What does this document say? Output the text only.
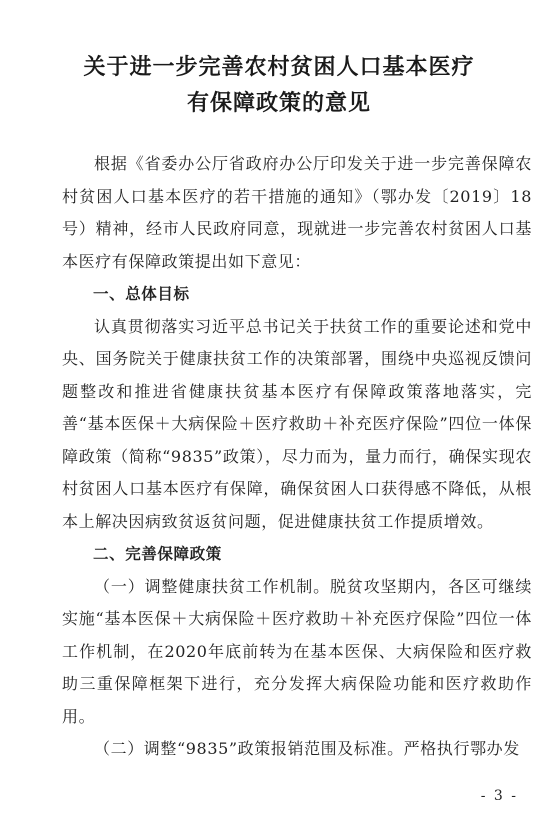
关于进一步完善农村贫困人口基本医疗
有保障政策的意见

根据《省委办公厅省政府办公厅印发关于进一步完善保障农村贫困人口基本医疗的若干措施的通知》（鄂办发〔2019〕18号）精神，经市人民政府同意，现就进一步完善农村贫困人口基本医疗有保障政策提出如下意见：

一、总体目标

认真贯彻落实习近平总书记关于扶贫工作的重要论述和党中央、国务院关于健康扶贫工作的决策部署，围绕中央巡视反馈问题整改和推进省健康扶贫基本医疗有保障政策落地落实，完善“基本医保＋大病保险＋医疗救助＋补充医疗保险”四位一体保障政策（简称“9835”政策），尽力而为，量力而行，确保实现农村贫困人口基本医疗有保障，确保贫困人口获得感不降低，从根本上解决因病致贫返贫问题，促进健康扶贫工作提质增效。

二、完善保障政策

（一）调整健康扶贫工作机制。脱贫攻坚期内，各区可继续实施“基本医保＋大病保险＋医疗救助＋补充医疗保险”四位一体工作机制，在2020年底前转为在基本医保、大病保险和医疗救助三重保障框架下进行，充分发挥大病保险功能和医疗救助作用。

（二）调整“9835”政策报销范围及标准。严格执行鄂办发

- 3 -
